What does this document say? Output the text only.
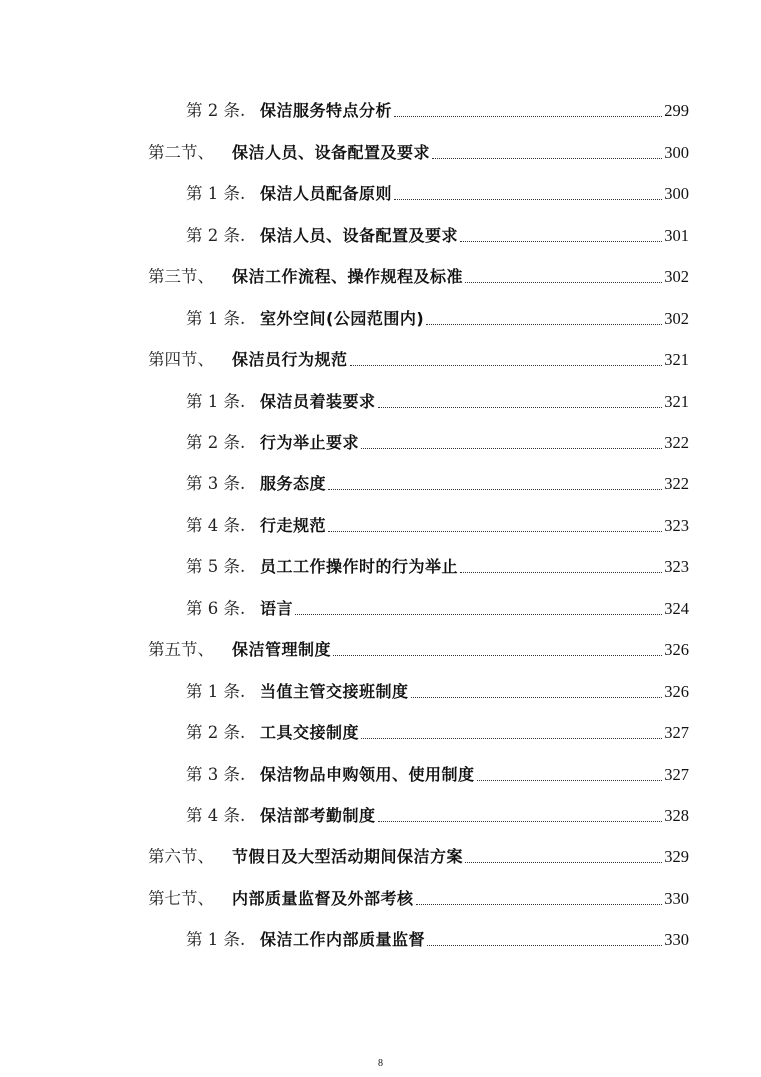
第 2 条. 保洁服务特点分析	299
第二节、	保洁人员、设备配置及要求	300
第 1 条. 保洁人员配备原则	300
第 2 条. 保洁人员、设备配置及要求	301
第三节、	保洁工作流程、操作规程及标准	302
第 1 条. 室外空间(公园范围内)	302
第四节、	保洁员行为规范	321
第 1 条. 保洁员着装要求	321
第 2 条. 行为举止要求	322
第 3 条. 服务态度	322
第 4 条. 行走规范	323
第 5 条. 员工工作操作时的行为举止	323
第 6 条. 语言	324
第五节、	保洁管理制度	326
第 1 条. 当值主管交接班制度	326
第 2 条. 工具交接制度	327
第 3 条. 保洁物品申购领用、使用制度	327
第 4 条. 保洁部考勤制度	328
第六节、	节假日及大型活动期间保洁方案	329
第七节、	内部质量监督及外部考核	330
第 1 条. 保洁工作内部质量监督	330
8
